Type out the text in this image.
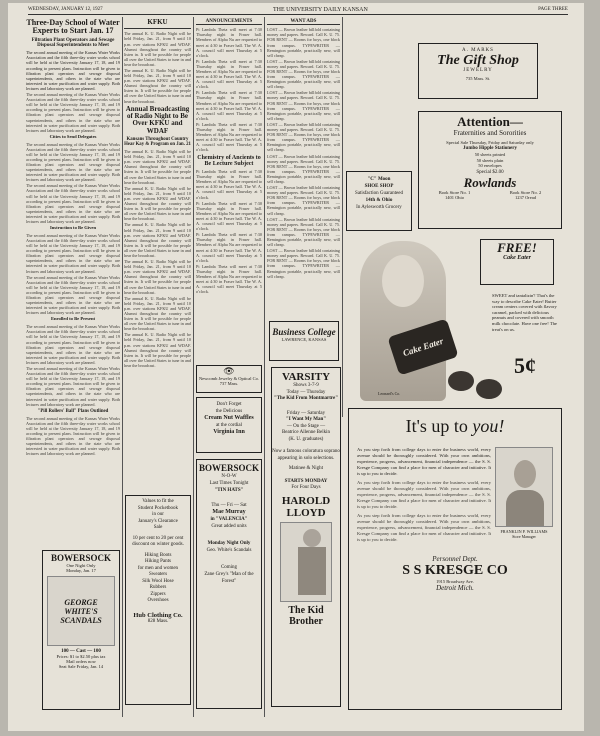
WEDNESDAY, JANUARY 12, 1927	THE UNIVERSITY DAILY KANSAN	PAGE THREE
Three-Day School of Water Experts to Start Jan. 17
Filtration Plant Operators and Sewage Disposal Superintendents to Meet

The second annual meeting of the Kansas Water Works Association and the fifth three-day water works school will be held at the University January 17, 18, and 19 according to present plans. Instruction will be given to filtration plant operators and sewage disposal superintendents, and others in the state who are interested in water purification and water supply. Both lectures and laboratory work are planned.

The second annual meeting of the Kansas Water Works Association and the fifth three-day water works school will be held at the University January 17, 18, and 19 according to present plans. Instruction will be given to filtration plant operators and sewage disposal superintendents, and others in the state who are interested in water purification and water supply. Both lectures and laboratory work are planned.

Cities to Send Delegates

The second annual meeting of the Kansas Water Works Association and the fifth three-day water works school will be held at the University January 17, 18, and 19 according to present plans. Instruction will be given to filtration plant operators and sewage disposal superintendents, and others in the state who are interested in water purification and water supply. Both lectures and laboratory work are planned.

The second annual meeting of the Kansas Water Works Association and the fifth three-day water works school will be held at the University January 17, 18, and 19 according to present plans. Instruction will be given to filtration plant operators and sewage disposal superintendents, and others in the state who are interested in water purification and water supply. Both lectures and laboratory work are planned.

Instruction to Be Given

The second annual meeting of the Kansas Water Works Association and the fifth three-day water works school will be held at the University January 17, 18, and 19 according to present plans. Instruction will be given to filtration plant operators and sewage disposal superintendents, and others in the state who are interested in water purification and water supply. Both lectures and laboratory work are planned.

The second annual meeting of the Kansas Water Works Association and the fifth three-day water works school will be held at the University January 17, 18, and 19 according to present plans. Instruction will be given to filtration plant operators and sewage disposal superintendents, and others in the state who are interested in water purification and water supply. Both lectures and laboratory work are planned.

Enrolled to Be Present

The second annual meeting of the Kansas Water Works Association and the fifth three-day water works school will be held at the University January 17, 18, and 19 according to present plans. Instruction will be given to filtration plant operators and sewage disposal superintendents, and others in the state who are interested in water purification and water supply. Both lectures and laboratory work are planned.

The second annual meeting of the Kansas Water Works Association and the fifth three-day water works school will be held at the University January 17, 18, and 19 according to present plans. Instruction will be given to filtration plant operators and sewage disposal superintendents, and others in the state who are interested in water purification and water supply. Both lectures and laboratory work are planned.

"Pill Rollers' Ball" Plans Outlined

The second annual meeting of the Kansas Water Works Association and the fifth three-day water works school will be held at the University January 17, 18, and 19 according to present plans. Instruction will be given to filtration plant operators and sewage disposal superintendents, and others in the state who are interested in water purification and water supply. Both lectures and laboratory work are planned.

BOWERSOCK
One Night Only
Monday, Jan. 17
GEORGE WHITE'S SCANDALS
100 — Cast — 100
Prices: $1 to $2.50 plus tax
Mail orders now
Seat Sale Friday, Jan. 14
KFKU

The annual K. U. Radio Night will be held Friday, Jan. 21, from 9 until 10 p.m. over stations KFKU and WDAF. Alumni throughout the country will listen in. It will be possible for people all over the United States to tune in and hear the broadcast.

The annual K. U. Radio Night will be held Friday, Jan. 21, from 9 until 10 p.m. over stations KFKU and WDAF. Alumni throughout the country will listen in. It will be possible for people all over the United States to tune in and hear the broadcast.

Annual Broadcasting of Radio Night to Be Over KFKU and WDAF
Kansans Throughout Country Hear Kay & Program on Jan. 21

The annual K. U. Radio Night will be held Friday, Jan. 21, from 9 until 10 p.m. over stations KFKU and WDAF. Alumni throughout the country will listen in. It will be possible for people all over the United States to tune in and hear the broadcast.

The annual K. U. Radio Night will be held Friday, Jan. 21, from 9 until 10 p.m. over stations KFKU and WDAF. Alumni throughout the country will listen in. It will be possible for people all over the United States to tune in and hear the broadcast.

The annual K. U. Radio Night will be held Friday, Jan. 21, from 9 until 10 p.m. over stations KFKU and WDAF. Alumni throughout the country will listen in. It will be possible for people all over the United States to tune in and hear the broadcast.

The annual K. U. Radio Night will be held Friday, Jan. 21, from 9 until 10 p.m. over stations KFKU and WDAF. Alumni throughout the country will listen in. It will be possible for people all over the United States to tune in and hear the broadcast.

The annual K. U. Radio Night will be held Friday, Jan. 21, from 9 until 10 p.m. over stations KFKU and WDAF. Alumni throughout the country will listen in. It will be possible for people all over the United States to tune in and hear the broadcast.

The annual K. U. Radio Night will be held Friday, Jan. 21, from 9 until 10 p.m. over stations KFKU and WDAF. Alumni throughout the country will listen in. It will be possible for people all over the United States to tune in and hear the broadcast.

Values to fit the
Student Pocketbook
in our
January's Clearance
Sale
10 per cent to 20 per cent discount on winter goods.
Hiking Boots
Hiking Pants
for men and women
Sweaters
Silk Wool Hose
Rubbers
Zippers
Overshoes
Hub Clothing Co.
828 Mass.
ANNOUNCEMENTS

Pi Lambda Theta will meet at 7:30 Thursday night in Fraser hall. Members of Alpha Nu are requested to meet at 4:30 in Fraser hall. The W. A. A. council will meet Thursday at 5 o'clock.

Pi Lambda Theta will meet at 7:30 Thursday night in Fraser hall. Members of Alpha Nu are requested to meet at 4:30 in Fraser hall. The W. A. A. council will meet Thursday at 5 o'clock.

Pi Lambda Theta will meet at 7:30 Thursday night in Fraser hall. Members of Alpha Nu are requested to meet at 4:30 in Fraser hall. The W. A. A. council will meet Thursday at 5 o'clock.

Pi Lambda Theta will meet at 7:30 Thursday night in Fraser hall. Members of Alpha Nu are requested to meet at 4:30 in Fraser hall. The W. A. A. council will meet Thursday at 5 o'clock.

Chemistry of Ancients to Be Lecture Subject

Pi Lambda Theta will meet at 7:30 Thursday night in Fraser hall. Members of Alpha Nu are requested to meet at 4:30 in Fraser hall. The W. A. A. council will meet Thursday at 5 o'clock.

Pi Lambda Theta will meet at 7:30 Thursday night in Fraser hall. Members of Alpha Nu are requested to meet at 4:30 in Fraser hall. The W. A. A. council will meet Thursday at 5 o'clock.

Pi Lambda Theta will meet at 7:30 Thursday night in Fraser hall. Members of Alpha Nu are requested to meet at 4:30 in Fraser hall. The W. A. A. council will meet Thursday at 5 o'clock.

Pi Lambda Theta will meet at 7:30 Thursday night in Fraser hall. Members of Alpha Nu are requested to meet at 4:30 in Fraser hall. The W. A. A. council will meet Thursday at 5 o'clock.

👁
Newcomb Jewelry & Optical Co.
737 Mass.
Don't Forget
the Delicious
Cream Nut Waffles
at the cordial
Virginia Inn
BOWERSOCK
N-O-W
Last Times Tonight
"TIN HATS"
Thu — Fri — Sat
Mae Murray
in "VALENCIA"
Great added units
Monday Night Only
Geo. White's Scandals
Coming
Zane Grey's "Man of the Forest"
WANT ADS

LOST — Brown leather billfold containing money and papers. Reward. Call K. U. 75. FOR RENT — Rooms for boys, one block from campus. TYPEWRITER — Remington portable, practically new, will sell cheap.

LOST — Brown leather billfold containing money and papers. Reward. Call K. U. 75. FOR RENT — Rooms for boys, one block from campus. TYPEWRITER — Remington portable, practically new, will sell cheap.

LOST — Brown leather billfold containing money and papers. Reward. Call K. U. 75. FOR RENT — Rooms for boys, one block from campus. TYPEWRITER — Remington portable, practically new, will sell cheap.

LOST — Brown leather billfold containing money and papers. Reward. Call K. U. 75. FOR RENT — Rooms for boys, one block from campus. TYPEWRITER — Remington portable, practically new, will sell cheap.

LOST — Brown leather billfold containing money and papers. Reward. Call K. U. 75. FOR RENT — Rooms for boys, one block from campus. TYPEWRITER — Remington portable, practically new, will sell cheap.

LOST — Brown leather billfold containing money and papers. Reward. Call K. U. 75. FOR RENT — Rooms for boys, one block from campus. TYPEWRITER — Remington portable, practically new, will sell cheap.

LOST — Brown leather billfold containing money and papers. Reward. Call K. U. 75. FOR RENT — Rooms for boys, one block from campus. TYPEWRITER — Remington portable, practically new, will sell cheap.

LOST — Brown leather billfold containing money and papers. Reward. Call K. U. 75. FOR RENT — Rooms for boys, one block from campus. TYPEWRITER — Remington portable, practically new, will sell cheap.

Business College
LAWRENCE, KANSAS
VARSITY
Shows 3-7-9
Today — Thursday
"The Kid From Montmartre"
Friday — Saturday
"I Want My Man"
— On the Stage —
Beatrice Allenne Belkin
(K. U. graduates)
Now a famous coloratura soprano appearing in solo selections.
Matinee & Night
STARTS MONDAY
For Four Days
HAROLD LLOYD
The Kid Brother
A. MARKS
The Gift Shop
JEWELRY
735 Mass. St.
Attention—
Fraternities and Sororities
Special Sale Thursday, Friday and Saturday only
Jumbo Hipple Stationery
50 sheets printed
50 sheets plain
50 envelopes
Special $2.00
Rowlands
Book Store No. 1
1401 Ohio
Book Store No. 2
1237 Oread
"C" Moon
SHOE SHOP
Satisfaction Guaranteed
14th & Ohio
In Aylesworth Grocery
Cake Eater
FREE!
Cake Eater
SWEET and tantalizin'! That's the way to describe Cake Eater! Butter cream centers covered with flavory caramel, packed with delicious peanuts and covered with smooth milk chocolate. Have one free! The treat's on us.
5¢
Leonard's Co.
It's up to you!

As you step forth from college days to enter the business world, every avenue should be thoroughly considered. With your own ambitions, experience, progress, advancement, financial independence — the S. S. Kresge Company can find a place for men of character and initiative. It is up to you to decide.

As you step forth from college days to enter the business world, every avenue should be thoroughly considered. With your own ambitions, experience, progress, advancement, financial independence — the S. S. Kresge Company can find a place for men of character and initiative. It is up to you to decide.

As you step forth from college days to enter the business world, every avenue should be thoroughly considered. With your own ambitions, experience, progress, advancement, financial independence — the S. S. Kresge Company can find a place for men of character and initiative. It is up to you to decide.

FRANKLIN P. WILLIAMS
Store Manager
Personnel Dept.
S S KRESGE CO
1915 Broadway Ave.
Detroit Mich.
